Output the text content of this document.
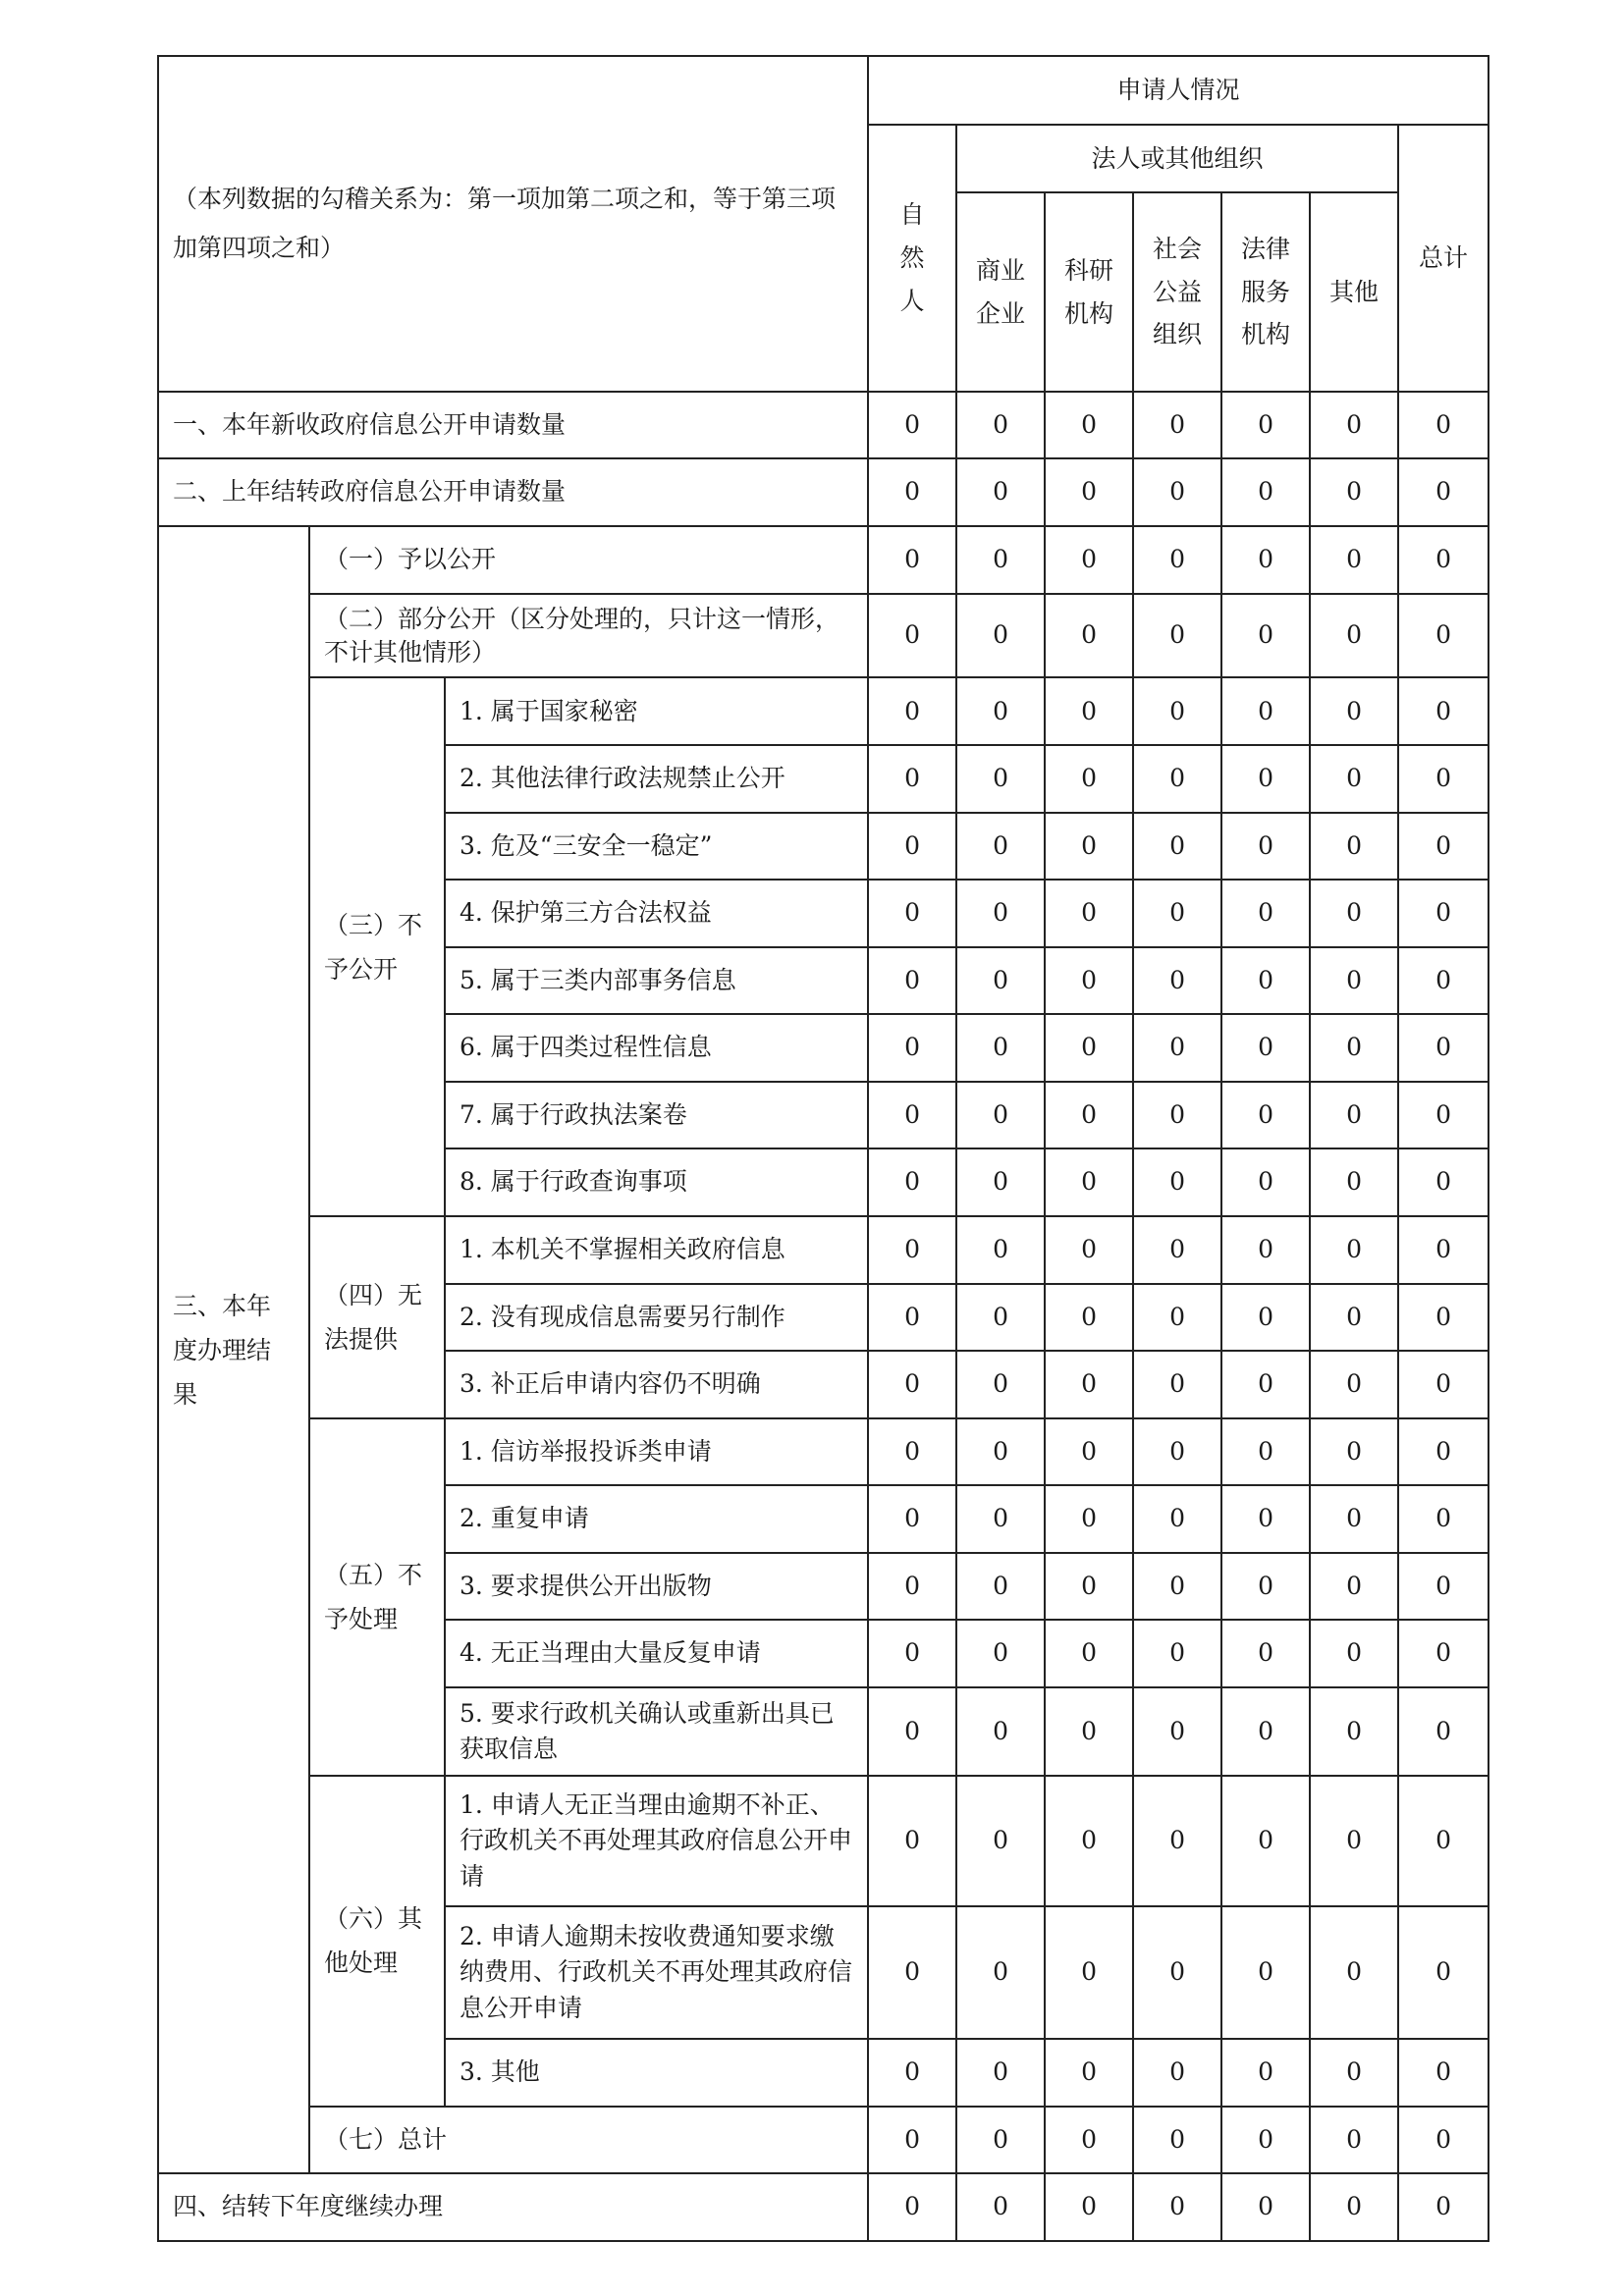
（本列数据的勾稽关系为：第一项加第二项之和，等于第三项加第四项之和）			申请人情况						
			自然人	法人或其他组织					总计
				商业企业	科研机构	社会公益组织	法律服务机构	其他	

一、本年新收政府信息公开申请数量			0	0	0	0	0	0	0

二、上年结转政府信息公开申请数量			0	0	0	0	0	0	0

三、本年度办理结果	（一）予以公开		0	0	0	0	0	0	0

	（二）部分公开（区分处理的，只计这一情形，不计其他情形）		0	0	0	0	0	0	0

	（三）不予公开	1. 属于国家秘密	0	0	0	0	0	0	0

		2. 其他法律行政法规禁止公开	0	0	0	0	0	0	0

		3. 危及“三安全一稳定”	0	0	0	0	0	0	0

		4. 保护第三方合法权益	0	0	0	0	0	0	0

		5. 属于三类内部事务信息	0	0	0	0	0	0	0

		6. 属于四类过程性信息	0	0	0	0	0	0	0

		7. 属于行政执法案卷	0	0	0	0	0	0	0

		8. 属于行政查询事项	0	0	0	0	0	0	0

	（四）无法提供	1. 本机关不掌握相关政府信息	0	0	0	0	0	0	0

		2. 没有现成信息需要另行制作	0	0	0	0	0	0	0

		3. 补正后申请内容仍不明确	0	0	0	0	0	0	0

	（五）不予处理	1. 信访举报投诉类申请	0	0	0	0	0	0	0

		2. 重复申请	0	0	0	0	0	0	0

		3. 要求提供公开出版物	0	0	0	0	0	0	0

		4. 无正当理由大量反复申请	0	0	0	0	0	0	0

		5. 要求行政机关确认或重新出具已获取信息	0	0	0	0	0	0	0

	（六）其他处理	1. 申请人无正当理由逾期不补正、行政机关不再处理其政府信息公开申请	0	0	0	0	0	0	0

		2. 申请人逾期未按收费通知要求缴纳费用、行政机关不再处理其政府信息公开申请	0	0	0	0	0	0	0

		3. 其他	0	0	0	0	0	0	0

	（七）总计		0	0	0	0	0	0	0

四、结转下年度继续办理			0	0	0	0	0	0	0
